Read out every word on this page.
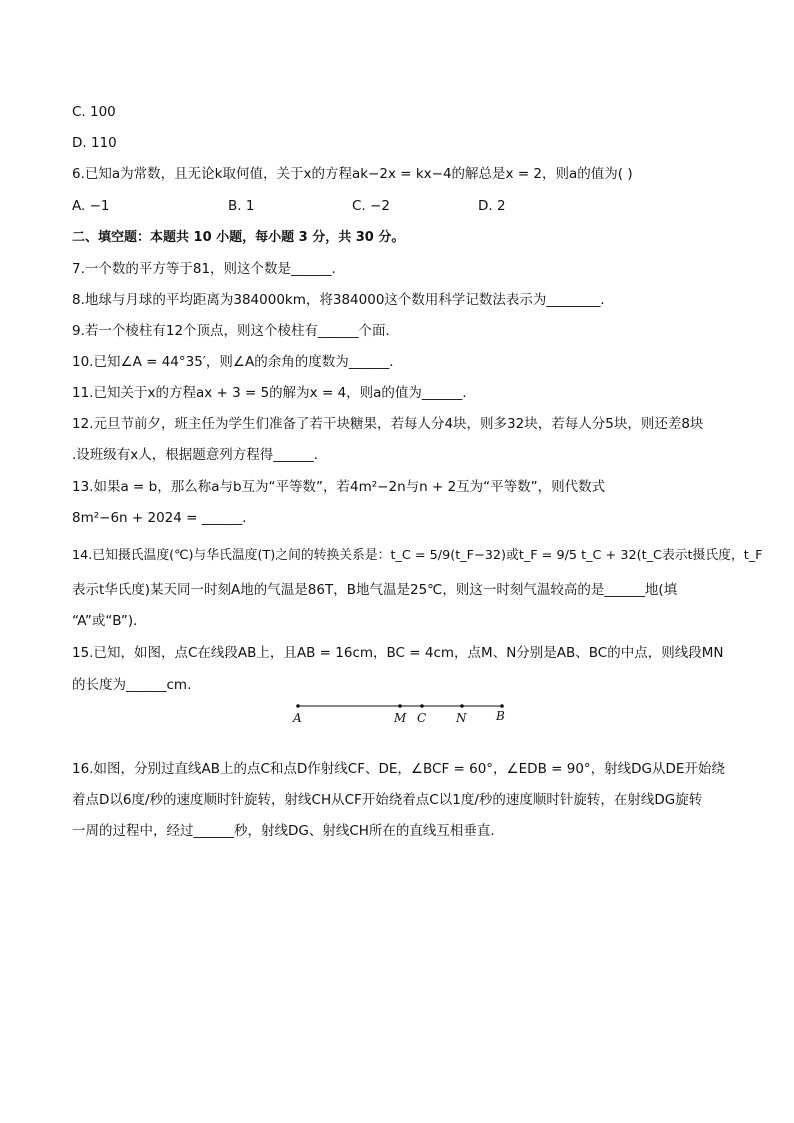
C. 100
D. 110
6.已知a为常数，且无论k取何值，关于x的方程ak−2x = kx−4的解总是x = 2，则a的值为( )
A. −1	B. 1	C. −2	D. 2
二、填空题：本题共 10 小题，每小题 3 分，共 30 分。
7.一个数的平方等于81，则这个数是______．
8.地球与月球的平均距离为384000km，将384000这个数用科学记数法表示为________．
9.若一个棱柱有12个顶点，则这个棱柱有______个面．
10.已知∠A = 44°35′，则∠A的余角的度数为______．
11.已知关于x的方程ax + 3 = 5的解为x = 4，则a的值为______．
12.元旦节前夕，班主任为学生们准备了若干块糖果，若每人分4块，则多32块，若每人分5块，则还差8块
.设班级有x人，根据题意列方程得______．
13.如果a = b，那么称a与b互为“平等数”，若4m²−2n与n + 2互为“平等数”，则代数式
8m²−6n + 2024 = ______．
14.已知摄氏温度(℃)与华氏温度(T)之间的转换关系是：t_C = 5/9(t_F−32)或t_F = 9/5 t_C + 32(t_C表示t摄氏度，t_F
表示t华氏度)某天同一时刻A地的气温是86T，B地气温是25℃，则这一时刻气温较高的是______地(填
“A”或“B”)．
15.已知，如图，点C在线段AB上，且AB = 16cm，BC = 4cm，点M、N分别是AB、BC的中点，则线段MN
的长度为______cm.
A	M C N B
16.如图，分别过直线AB上的点C和点D作射线CF、DE，∠BCF = 60°，∠EDB = 90°，射线DG从DE开始绕
着点D以6度/秒的速度顺时针旋转，射线CH从CF开始绕着点C以1度/秒的速度顺时针旋转，在射线DG旋转
一周的过程中，经过______秒，射线DG、射线CH所在的直线互相垂直．
